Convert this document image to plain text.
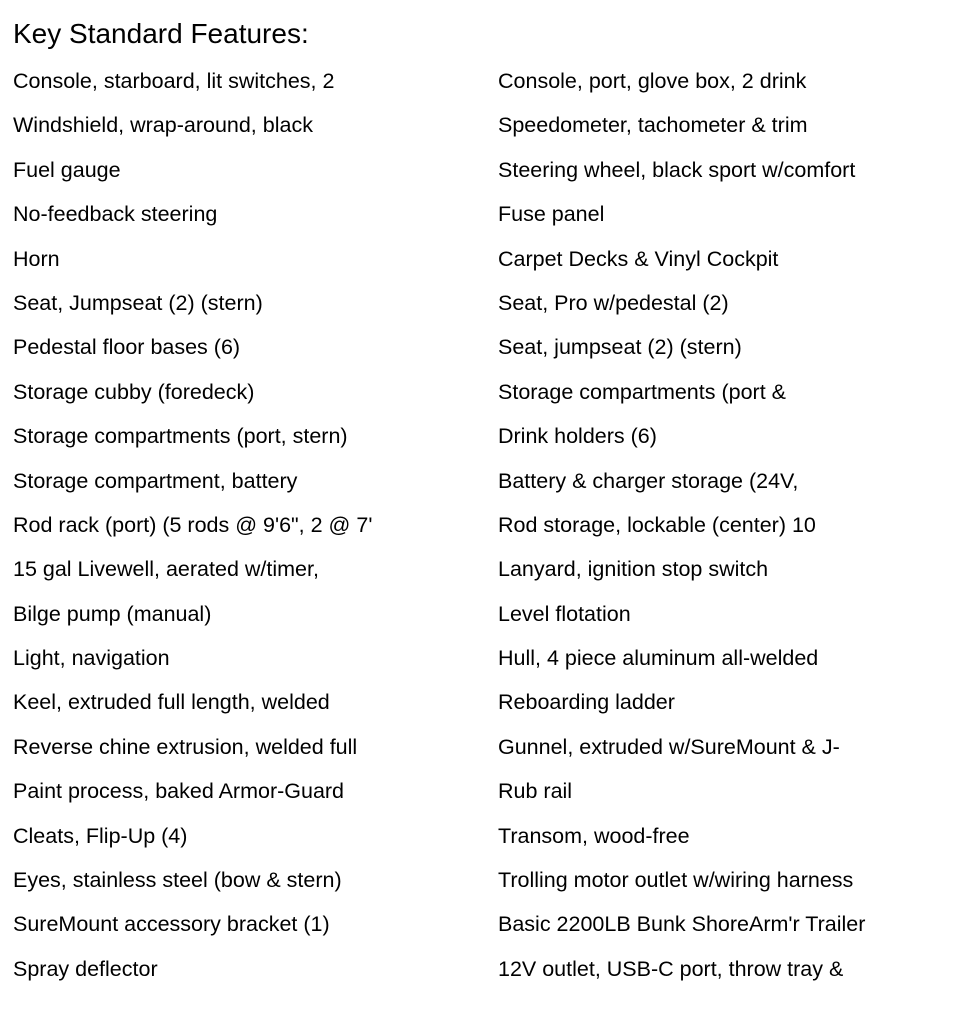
Key Standard Features:
Console, starboard, lit switches, 2
Windshield, wrap-around, black
Fuel gauge
No-feedback steering
Horn
Seat, Jumpseat (2) (stern)
Pedestal floor bases (6)
Storage cubby (foredeck)
Storage compartments (port, stern)
Storage compartment, battery
Rod rack (port) (5 rods @ 9'6", 2 @ 7'
15 gal Livewell, aerated w/timer,
Bilge pump (manual)
Light, navigation
Keel, extruded full length, welded
Reverse chine extrusion, welded full
Paint process, baked Armor-Guard
Cleats, Flip-Up (4)
Eyes, stainless steel (bow & stern)
SureMount accessory bracket (1)
Spray deflector
Console, port, glove box, 2 drink
Speedometer, tachometer & trim
Steering wheel, black sport w/comfort
Fuse panel
Carpet Decks & Vinyl Cockpit
Seat, Pro w/pedestal (2)
Seat, jumpseat (2) (stern)
Storage compartments (port &
Drink holders (6)
Battery & charger storage (24V,
Rod storage, lockable (center) 10
Lanyard, ignition stop switch
Level flotation
Hull, 4 piece aluminum all-welded
Reboarding ladder
Gunnel, extruded w/SureMount & J-
Rub rail
Transom, wood-free
Trolling motor outlet w/wiring harness
Basic 2200LB Bunk ShoreArm'r Trailer
12V outlet, USB-C port, throw tray &
